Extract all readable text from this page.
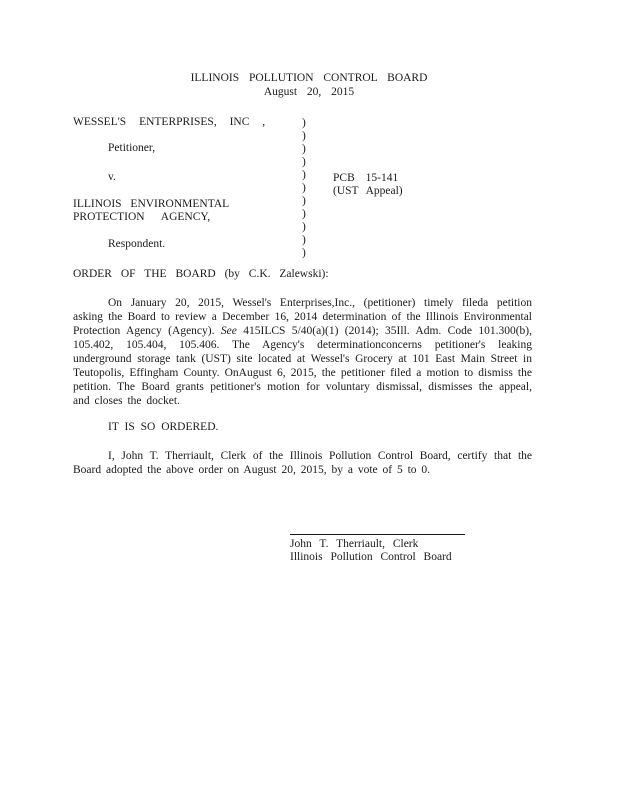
ILLINOIS POLLUTION CONTROL BOARD
August 20, 2015
WESSEL'S ENTERPRISES, INC ,
Petitioner,
v.
ILLINOIS ENVIRONMENTAL
PROTECTION AGENCY,
Respondent.
)
)
)
)
)
)
)
)
)
)
)
PCB 15-141
(UST Appeal)
ORDER OF THE BOARD (by C.K. Zalewski):
On January 20, 2015, Wessel's Enterprises,Inc., (petitioner) timely fileda petition asking the Board to review a December 16, 2014 determination of the Illinois Environmental Protection Agency (Agency). See 415ILCS 5/40(a)(1) (2014); 35Ill. Adm. Code 101.300(b), 105.402, 105.404, 105.406. The Agency's determinationconcerns petitioner's leaking underground storage tank (UST) site located at Wessel's Grocery at 101 East Main Street in Teutopolis, Effingham County. OnAugust 6, 2015, the petitioner filed a motion to dismiss the petition. The Board grants petitioner's motion for voluntary dismissal, dismisses the appeal, and closes the docket.
IT IS SO ORDERED.
I, John T. Therriault, Clerk of the Illinois Pollution Control Board, certify that the Board adopted the above order on August 20, 2015, by a vote of 5 to 0.
John T. Therriault, Clerk
Illinois Pollution Control Board
